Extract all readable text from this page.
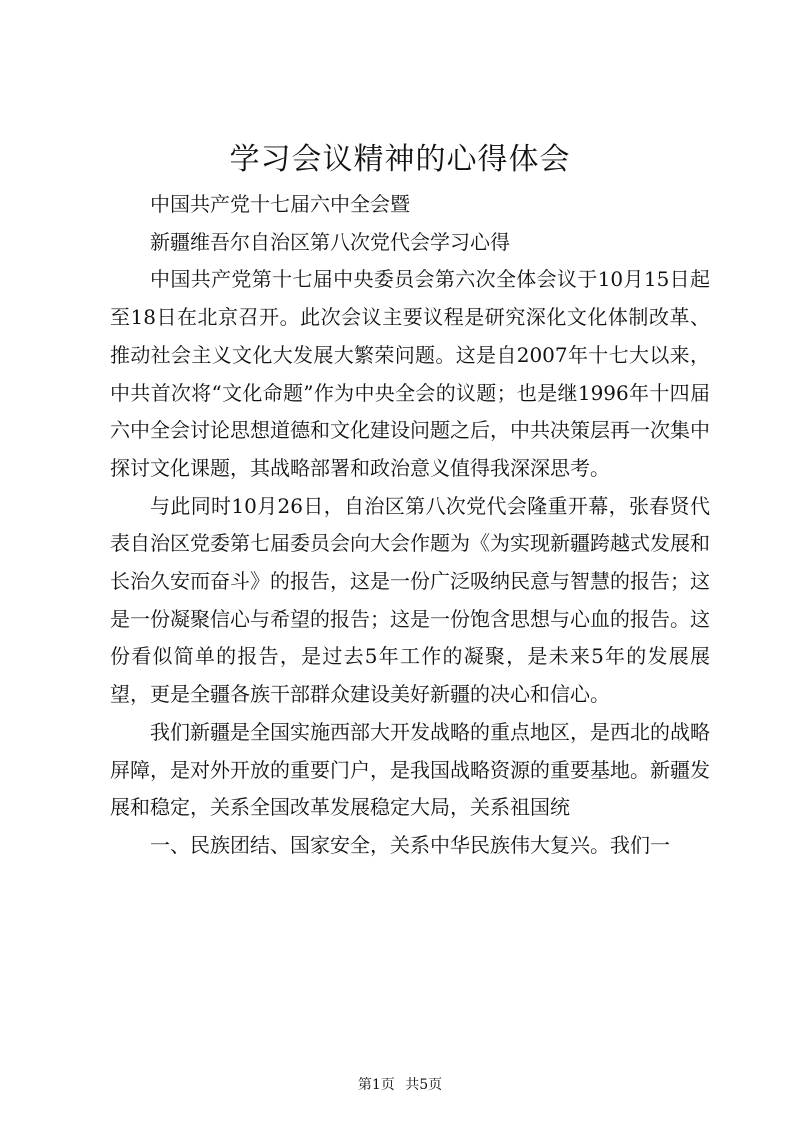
学习会议精神的心得体会

中国共产党十七届六中全会暨

新疆维吾尔自治区第八次党代会学习心得

中国共产党第十七届中央委员会第六次全体会议于10月15日起至18日在北京召开。此次会议主要议程是研究深化文化体制改革、推动社会主义文化大发展大繁荣问题。这是自2007年十七大以来，中共首次将“文化命题”作为中央全会的议题；也是继1996年十四届六中全会讨论思想道德和文化建设问题之后，中共决策层再一次集中探讨文化课题，其战略部署和政治意义值得我深深思考。

与此同时10月26日，自治区第八次党代会隆重开幕，张春贤代表自治区党委第七届委员会向大会作题为《为实现新疆跨越式发展和长治久安而奋斗》的报告，这是一份广泛吸纳民意与智慧的报告；这是一份凝聚信心与希望的报告；这是一份饱含思想与心血的报告。这份看似简单的报告，是过去5年工作的凝聚，是未来5年的发展展望，更是全疆各族干部群众建设美好新疆的决心和信心。

我们新疆是全国实施西部大开发战略的重点地区，是西北的战略屏障，是对外开放的重要门户，是我国战略资源的重要基地。新疆发展和稳定，关系全国改革发展稳定大局，关系祖国统

一、民族团结、国家安全，关系中华民族伟大复兴。我们一

第1页 共5页
